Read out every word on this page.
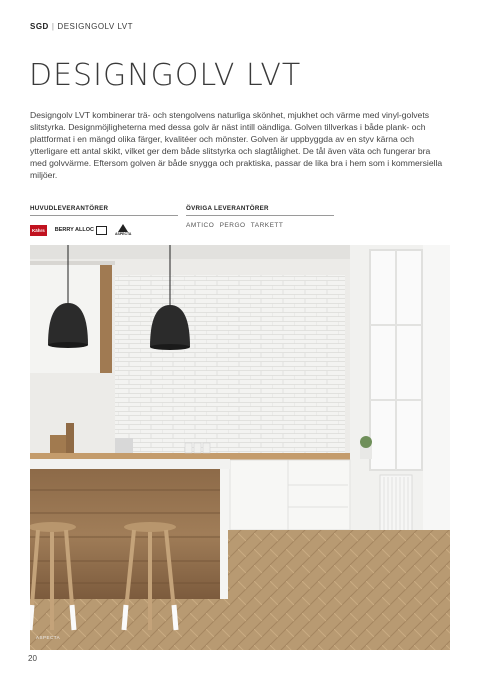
SGD | DESIGNGOLV LVT
DESIGNGOLV LVT
Designgolv LVT kombinerar trä- och stengolvens naturliga skönhet, mjukhet och värme med vinyl-golvets slitstyrka. Designmöjligheterna med dessa golv är näst intill oändliga. Golven tillverkas i både plank- och plattformat i en mängd olika färger, kvalitéer och mönster. Golven är uppbyggda av en styv kärna och ytterligare ett antal skikt, vilket ger dem både slitstyrka och slagtålighet. De tål även väta och fungerar bra med golvvärme. Eftersom golven är både snygga och praktiska, passar de lika bra i hem som i kommersiella miljöer.
HUVUDLEVERANTÖRER	ÖVRIGA LEVERANTÖRER
Kährs	BERRY ALLOC
ASPECTA
AMTICO PERGO TARKETT
ASPECTA
20
